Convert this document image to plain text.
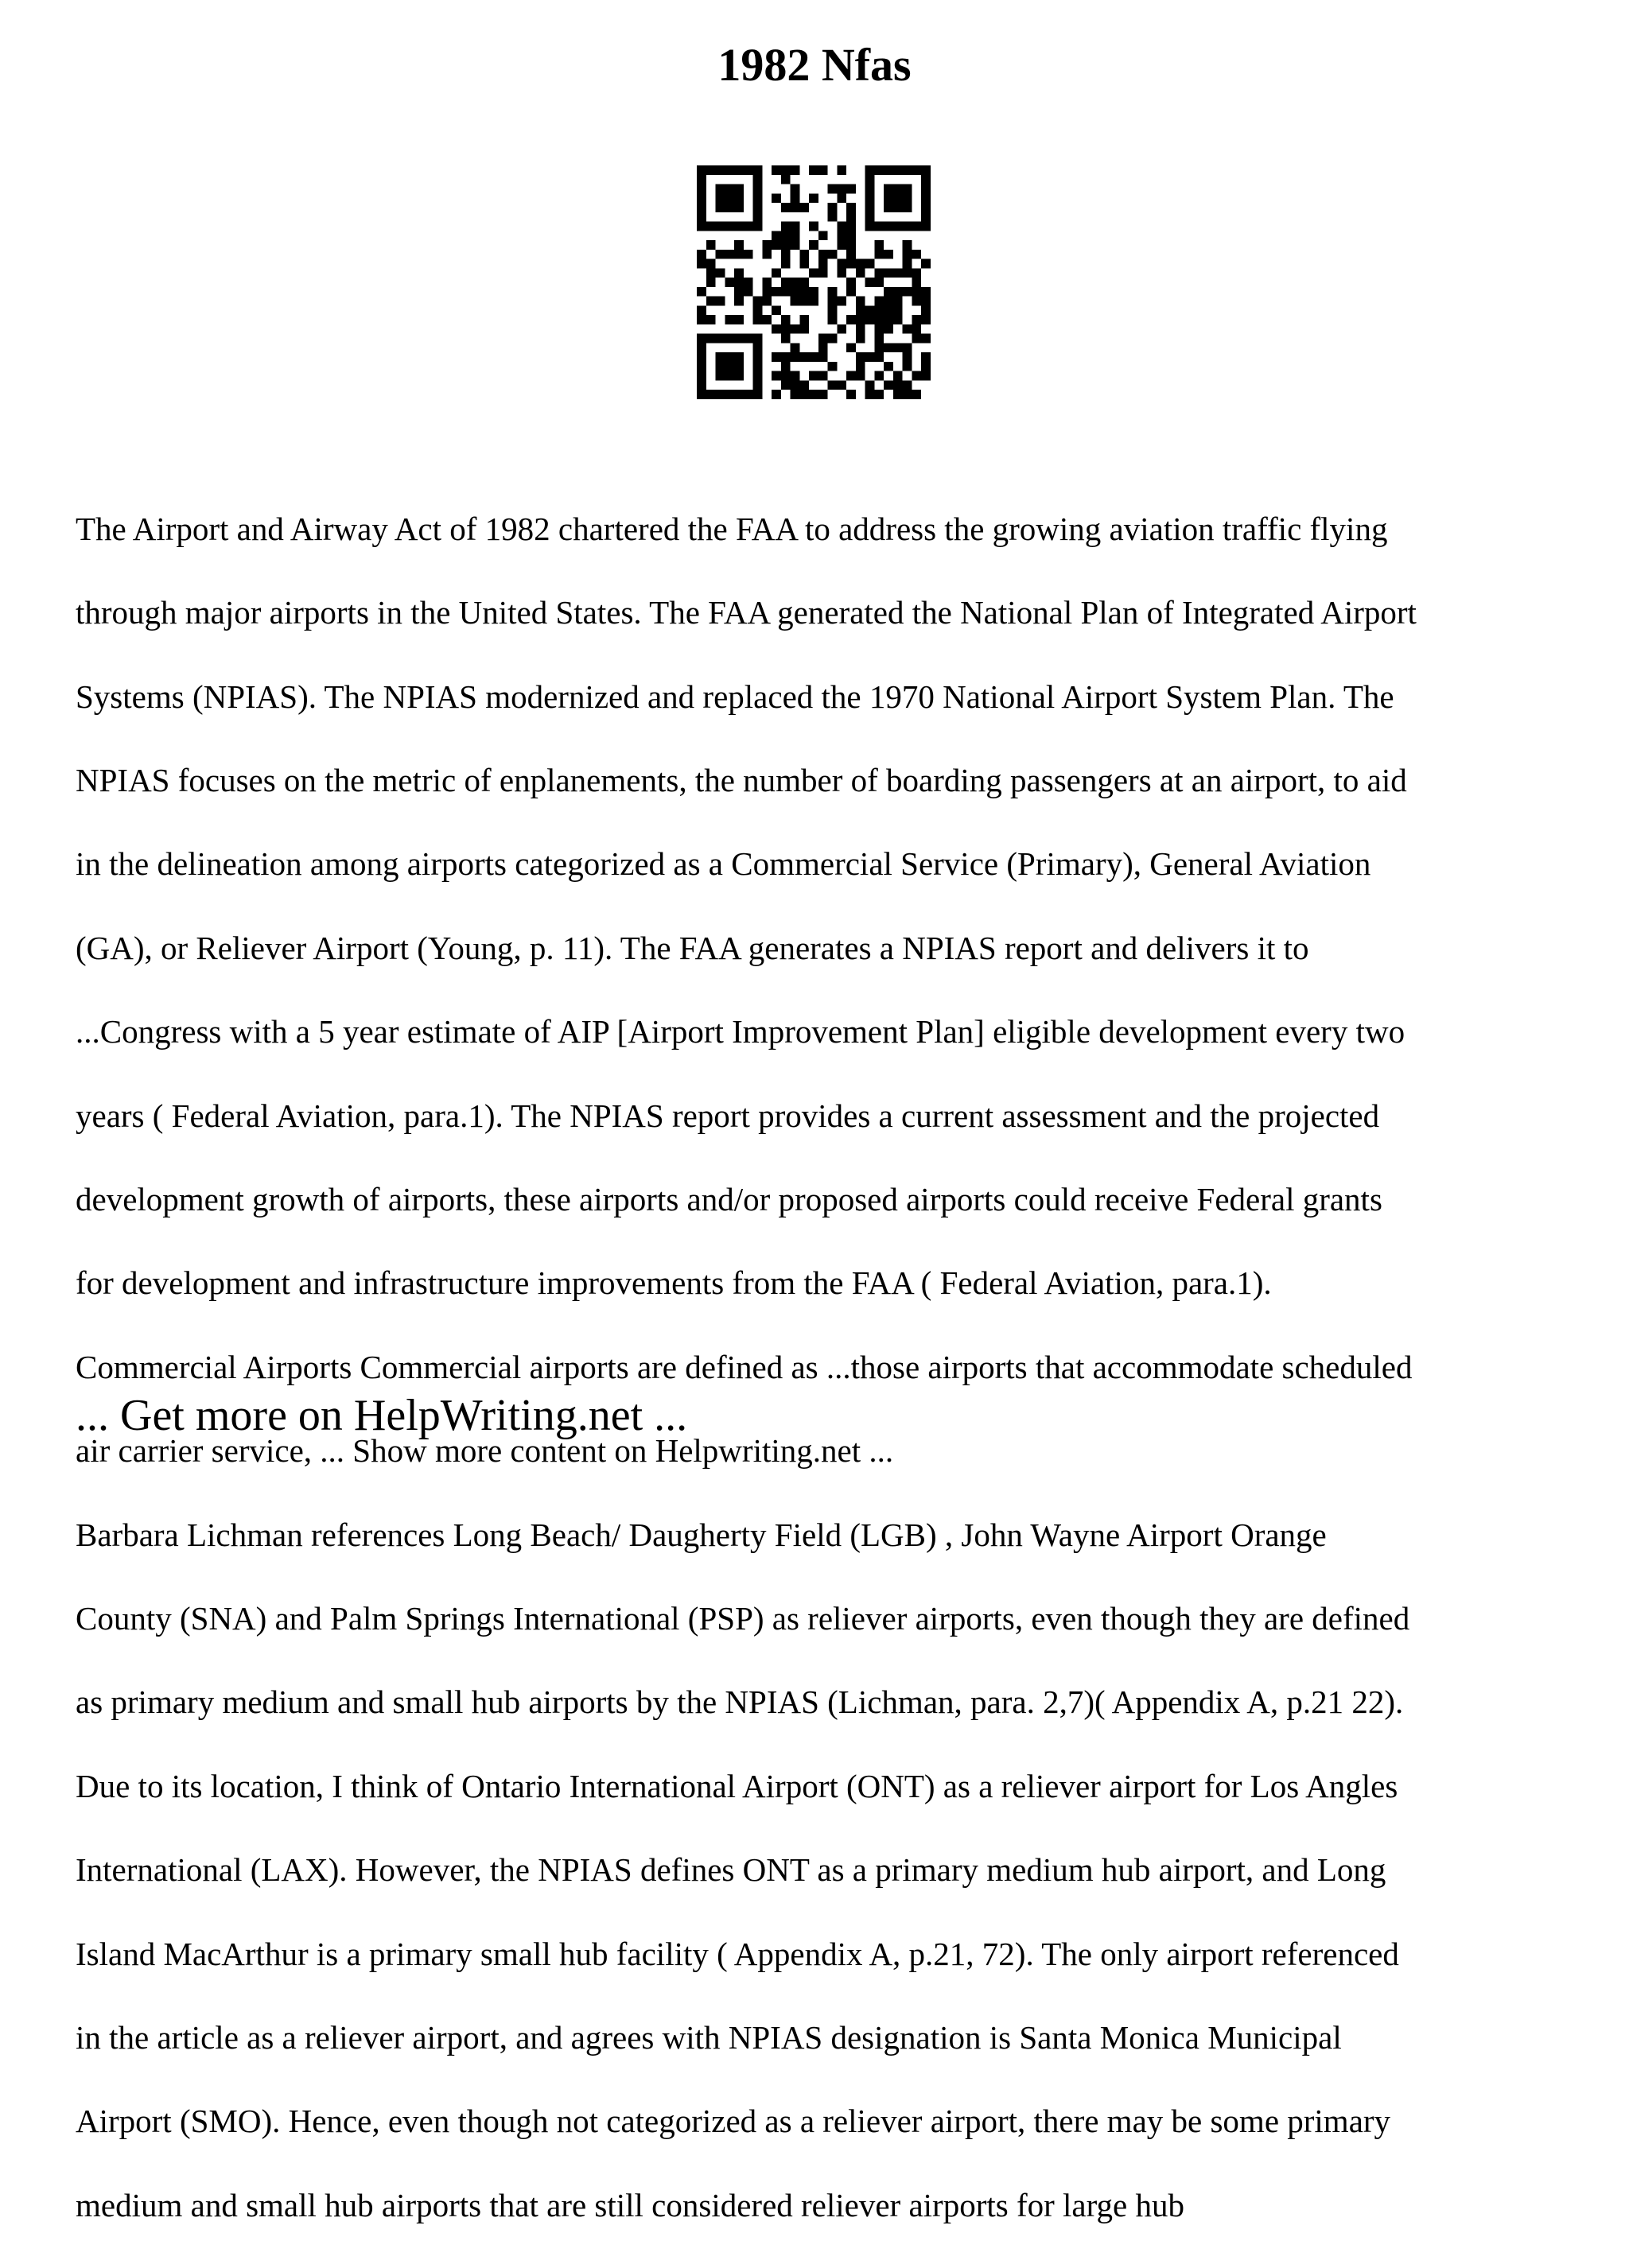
1982 Nfas

The Airport and Airway Act of 1982 chartered the FAA to address the growing aviation traffic flying

through major airports in the United States. The FAA generated the National Plan of Integrated Airport

Systems (NPIAS). The NPIAS modernized and replaced the 1970 National Airport System Plan. The

NPIAS focuses on the metric of enplanements, the number of boarding passengers at an airport, to aid

in the delineation among airports categorized as a Commercial Service (Primary), General Aviation

(GA), or Reliever Airport (Young, p. 11). The FAA generates a NPIAS report and delivers it to

...Congress with a 5 year estimate of AIP [Airport Improvement Plan] eligible development every two

years ( Federal Aviation, para.1). The NPIAS report provides a current assessment and the projected

development growth of airports, these airports and/or proposed airports could receive Federal grants

for development and infrastructure improvements from the FAA ( Federal Aviation, para.1).

Commercial Airports Commercial airports are defined as ...those airports that accommodate scheduled

air carrier service, ... Show more content on Helpwriting.net ...

Barbara Lichman references Long Beach/ Daugherty Field (LGB) , John Wayne Airport Orange

County (SNA) and Palm Springs International (PSP) as reliever airports, even though they are defined

as primary medium and small hub airports by the NPIAS (Lichman, para. 2,7)( Appendix A, p.21 22).

Due to its location, I think of Ontario International Airport (ONT) as a reliever airport for Los Angles

International (LAX). However, the NPIAS defines ONT as a primary medium hub airport, and Long

Island MacArthur is a primary small hub facility ( Appendix A, p.21, 72). The only airport referenced

in the article as a reliever airport, and agrees with NPIAS designation is Santa Monica Municipal

Airport (SMO). Hence, even though not categorized as a reliever airport, there may be some primary

medium and small hub airports that are still considered reliever airports for large hub

... Get more on HelpWriting.net ...
